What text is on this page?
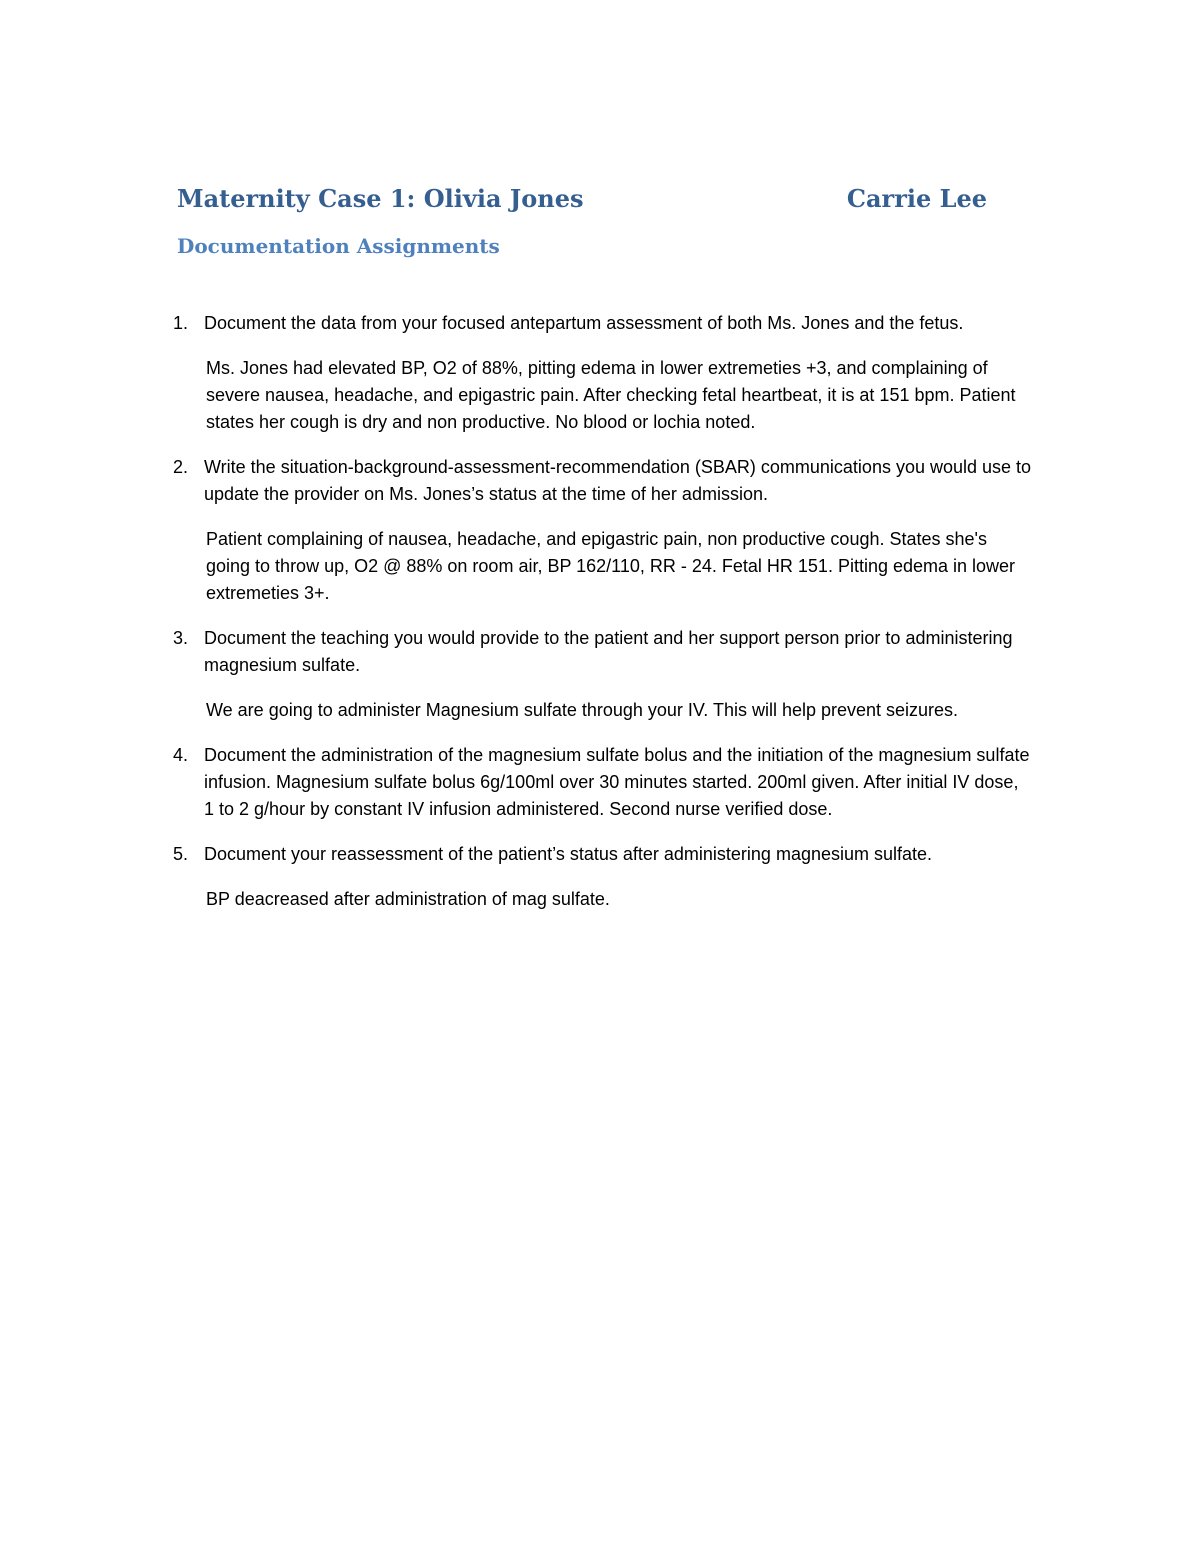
Maternity Case 1: Olivia Jones	Carrie Lee
Documentation Assignments
1. Document the data from your focused antepartum assessment of both Ms. Jones and the fetus.

Ms. Jones had elevated BP, O2 of 88%, pitting edema in lower extremeties +3, and complaining of severe nausea, headache, and epigastric pain. After checking fetal heartbeat, it is at 151 bpm. Patient states her cough is dry and non productive. No blood or lochia noted.

2. Write the situation-background-assessment-recommendation (SBAR) communications you would use to update the provider on Ms. Jones’s status at the time of her admission.

Patient complaining of nausea, headache, and epigastric pain, non productive cough. States she's going to throw up, O2 @ 88% on room air, BP 162/110, RR - 24. Fetal HR 151. Pitting edema in lower extremeties 3+.

3. Document the teaching you would provide to the patient and her support person prior to administering magnesium sulfate.

We are going to administer Magnesium sulfate through your IV. This will help prevent seizures.

4. Document the administration of the magnesium sulfate bolus and the initiation of the magnesium sulfate infusion. Magnesium sulfate bolus 6g/100ml over 30 minutes started. 200ml given. After initial IV dose, 1 to 2 g/hour by constant IV infusion administered. Second nurse verified dose.

5. Document your reassessment of the patient’s status after administering magnesium sulfate.

BP deacreased after administration of mag sulfate.
